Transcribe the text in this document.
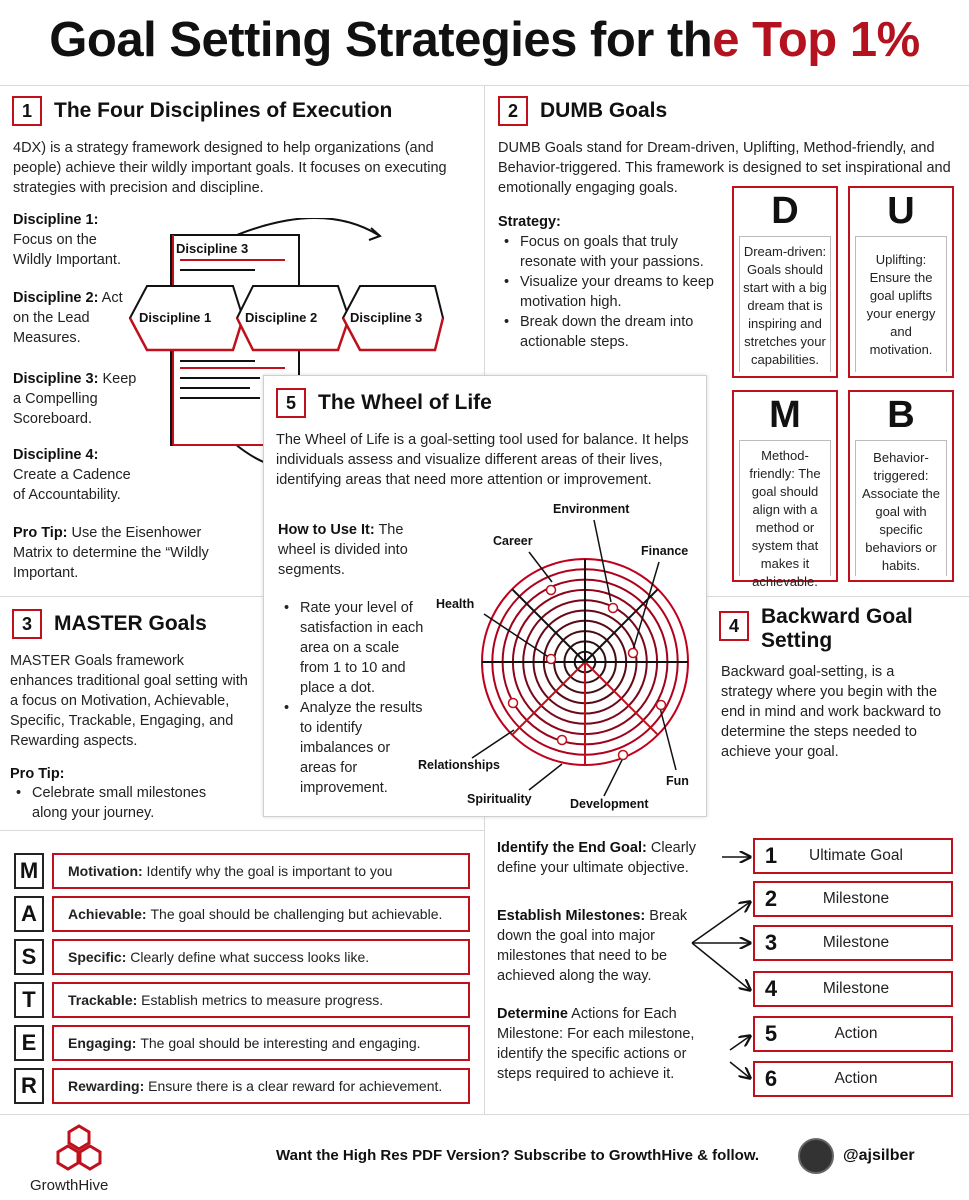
Goal Setting Strategies for the Top 1%
1	The Four Disciplines of Execution
4DX) is a strategy framework designed to help organizations (and people) achieve their wildly important goals. It focuses on executing strategies with precision and discipline.
Discipline 1:
Focus on the Wildly Important.
Discipline 2: Act on the Lead Measures.
Discipline 3: Keep a Compelling Scoreboard.
Discipline 4:
Create a Cadence of Accountability.
Pro Tip: Use the Eisenhower Matrix to determine the “Wildly Important.
Discipline 3
Discipline 1	Discipline 2	Discipline 3
2	DUMB Goals
DUMB Goals stand for Dream-driven, Uplifting, Method-friendly, and Behavior-triggered. This framework is designed to set inspirational and emotionally engaging goals.
Strategy:
• Focus on goals that truly resonate with your passions.
• Visualize your dreams to keep motivation high.
• Break down the dream into actionable steps.
D
Dream-driven: Goals should start with a big dream that is inspiring and stretches your capabilities.
U
Uplifting: Ensure the goal uplifts your energy and motivation.
M
Method-friendly: The goal should align with a method or system that makes it achievable.
B
Behavior-triggered: Associate the goal with specific behaviors or habits.
3	MASTER Goals
MASTER Goals framework enhances traditional goal setting with a focus on Motivation, Achievable, Specific, Trackable, Engaging, and Rewarding aspects.
Pro Tip:
• Celebrate small milestones along your journey.
M	Motivation:
Identify why the goal is important to you
A	Achievable:
The goal should be challenging but achievable.
S	Specific:
Clearly define what success looks like.
T	Trackable:
Establish metrics to measure progress.
E	Engaging:
The goal should be interesting and engaging.
R	Rewarding:
Ensure there is a clear reward for achievement.
4	Backward Goal Setting
Backward goal-setting, is a strategy where you begin with the end in mind and work backward to determine the steps needed to achieve your goal.
Identify the End Goal: Clearly define your ultimate objective.
Establish Milestones: Break down the goal into major milestones that need to be achieved along the way.
Determine Actions for Each Milestone: For each milestone, identify the specific actions or steps required to achieve it.
1	Ultimate Goal
2	Milestone
3	Milestone
4	Milestone
5	Action
6	Action
5	The Wheel of Life
The Wheel of Life is a goal-setting tool used for balance. It helps individuals assess and visualize different areas of their lives, identifying areas that need more attention or improvement.
How to Use It: The wheel is divided into segments.
• Rate your level of satisfaction in each area on a scale from 1 to 10 and place a dot.
• Analyze the results to identify imbalances or areas for improvement.
Environment
Career
Finance
Health
Relationships
Fun
Spirituality	Development
GrowthHive
Want the High Res PDF Version? Subscribe to GrowthHive & follow.	@ajsilber
